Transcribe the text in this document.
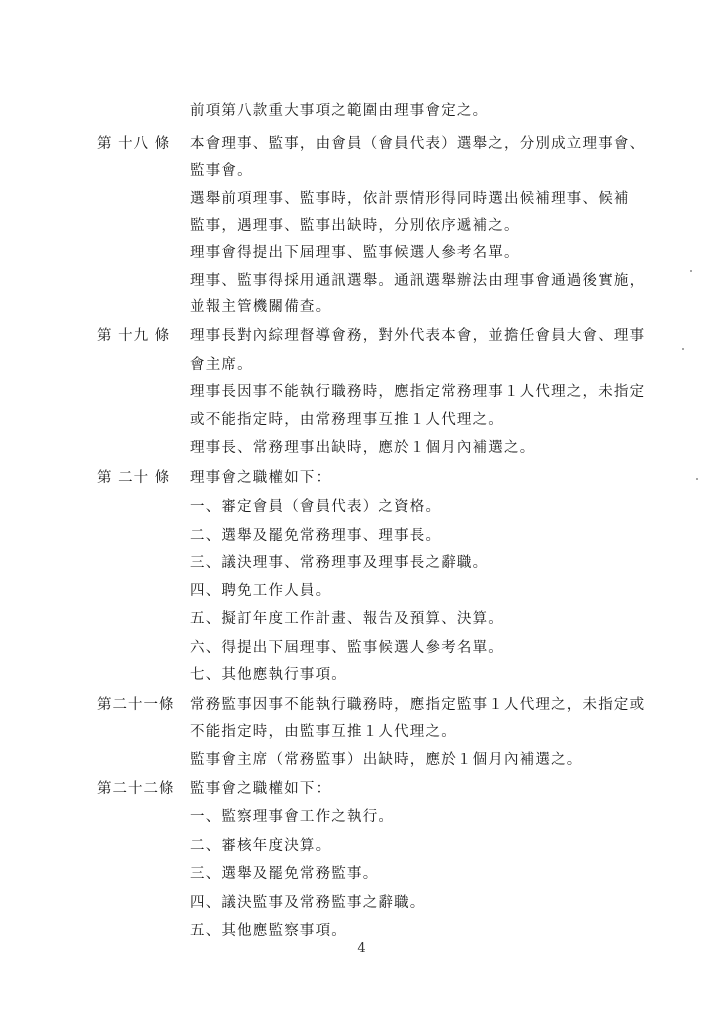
前項第八款重大事項之範圍由理事會定之。
第 十八 條 本會理事、監事，由會員（會員代表）選舉之，分別成立理事會、
監事會。
選舉前項理事、監事時，依計票情形得同時選出候補理事、候補
監事，遇理事、監事出缺時，分別依序遞補之。
理事會得提出下屆理事、監事候選人參考名單。
理事、監事得採用通訊選舉。通訊選舉辦法由理事會通過後實施，
並報主管機關備查。
第 十九 條 理事長對內綜理督導會務，對外代表本會，並擔任會員大會、理事
會主席。
理事長因事不能執行職務時，應指定常務理事１人代理之，未指定
或不能指定時，由常務理事互推１人代理之。
理事長、常務理事出缺時，應於１個月內補選之。
第 二十 條 理事會之職權如下：
一、審定會員（會員代表）之資格。
二、選舉及罷免常務理事、理事長。
三、議決理事、常務理事及理事長之辭職。
四、聘免工作人員。
五、擬訂年度工作計畫、報告及預算、決算。
六、得提出下屆理事、監事候選人參考名單。
七、其他應執行事項。
第二十一條 常務監事因事不能執行職務時，應指定監事１人代理之，未指定或
不能指定時，由監事互推１人代理之。
監事會主席（常務監事）出缺時，應於１個月內補選之。
第二十二條 監事會之職權如下：
一、監察理事會工作之執行。
二、審核年度決算。
三、選舉及罷免常務監事。
四、議決監事及常務監事之辭職。
五、其他應監察事項。
4
